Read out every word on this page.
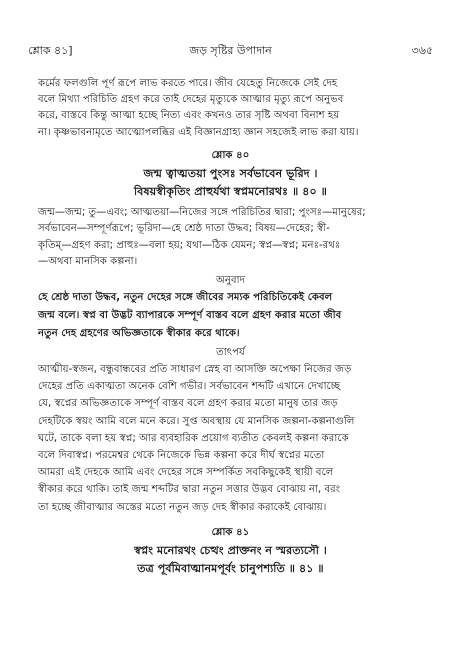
শ্লোক ৪১]	জড় সৃষ্টির উপাদান	৩৬৫
কর্মের ফলগুলি পূর্ণ রূপে লাভ করতে পারে। জীব যেহেতু নিজেকে সেই দেহ
বলে মিথ্যা পরিচিতি গ্রহণ করে তাই দেহের মৃত্যুকে আত্মার মৃত্যু রূপে অনুভব
করে, বাস্তবে কিন্তু আত্মা হচ্ছে নিত্য এবং কখনও তার সৃষ্টি অথবা বিনাশ হয়
না। কৃষ্ণভাবনামৃতে আত্মোপলব্ধির এই বিজ্ঞানগ্রাহ্য জ্ঞান সহজেই লাভ করা যায়।
শ্লোক ৪০
জন্ম ত্বাত্মতয়া পুংসঃ সর্বভাবেন ভূরিদ ।
বিষয়স্বীকৃতিং প্রাহুর্যথা স্বপ্নমনোরথঃ ॥ ৪০ ॥
জন্ম—জন্ম; তু—এবং; আত্মতয়া—নিজের সঙ্গে পরিচিতির দ্বারা; পুংসঃ—মানুষের;
সর্বভাবেন—সম্পূর্ণরূপে; ভূরিদা—হে শ্রেষ্ঠ দাতা উদ্ধব; বিষয়—দেহের; স্বী-
কৃতিম্—গ্রহণ করা; প্রাহুঃ—বলা হয়; যথা—ঠিক যেমন; স্বপ্ন—স্বপ্ন; মনঃ-রথঃ
—অথবা মানসিক কল্পনা।
অনুবাদ
হে শ্রেষ্ঠ দাতা উদ্ধব, নতুন দেহের সঙ্গে জীবের সম্যক পরিচিতিকেই কেবল
জন্ম বলে। স্বপ্ন বা উদ্ভট ব্যাপারকে সম্পূর্ণ বাস্তব বলে গ্রহণ করার মতো জীব
নতুন দেহ গ্রহণের অভিজ্ঞতাকে স্বীকার করে থাকে।
তাৎপর্য
আত্মীয়-স্বজন, বন্ধুবান্ধবের প্রতি সাধারণ স্নেহ বা আসক্তি অপেক্ষা নিজের জড়
দেহের প্রতি একাত্মতা অনেক বেশি গভীর। সর্বভাবেন শব্দটি এখানে দেখাচ্ছে
যে, স্বপ্নের অভিজ্ঞতাকে সম্পূর্ণ বাস্তব বলে গ্রহণ করার মতো মানুষ তার জড়
দেহটিকে স্বয়ং আমি বলে মনে করে। সুপ্ত অবস্থায় যে মানসিক জল্পনা-কল্পনাগুলি
ঘটে, তাকে বলা হয় স্বপ্ন; আর ব্যবহারিক প্রয়োগ ব্যতীত কেবলই কল্পনা করাকে
বলে দিবাস্বপ্ন। পরমেশ্বর থেকে নিজেকে ভিন্ন কল্পনা করে দীর্ঘ স্বপ্নের মতো
আমরা এই দেহকে আমি এবং দেহের সঙ্গে সম্পর্কিত সবকিছুকেই স্থায়ী বলে
স্বীকার করে থাকি। তাই জন্ম শব্দটির দ্বারা নতুন সত্তার উদ্ভব বোঝায় না, বরং
তা হচ্ছে জীবাত্মার অস্তের মতো নতুন জড় দেহ স্বীকার করাকেই বোঝায়।
শ্লোক ৪১
স্বপ্নং মনোরথং চেত্থং প্রাক্তনং ন স্মরত্যসৌ ।
তত্র পূর্বমিবাত্মানমপূর্বং চানুপশ্যতি ॥ ৪১ ॥
